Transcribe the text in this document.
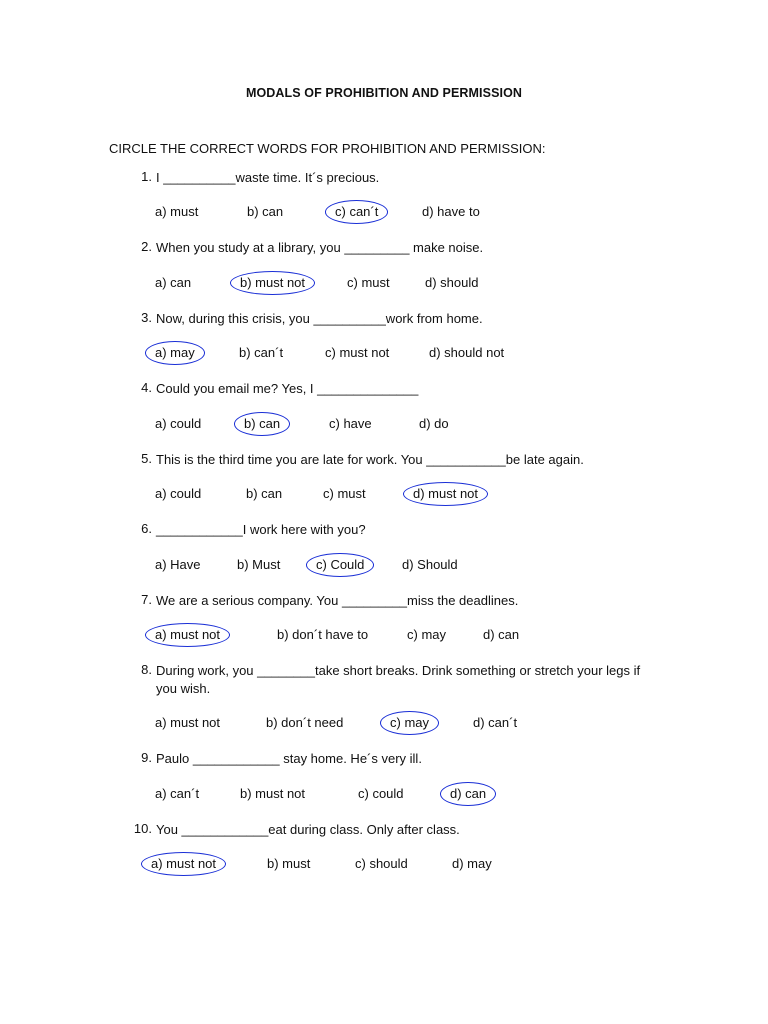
MODALS OF PROHIBITION AND PERMISSION
CIRCLE THE CORRECT WORDS FOR PROHIBITION AND PERMISSION:
1. I __________waste time. It´s precious.
a) must	b) can	c) can´t	d) have to
2. When you study at a library, you _________ make noise.
a) can	b) must not	c) must	d) should
3. Now, during this crisis, you __________work from home.
a) may	b) can´t	c) must not	d) should not
4. Could you email me? Yes, I ______________
a) could	b) can	c) have	d) do
5. This is the third time you are late for work. You ___________be late again.
a) could	b) can	c) must	d) must not
6. ____________I work here with you?
a) Have	b) Must	c) Could	d) Should
7. We are a serious company. You _________miss the deadlines.
a) must not	b) don´t have to	c) may	d) can
8. During work, you ________take short breaks. Drink something or stretch your legs if you wish.
a) must not	b) don´t need	c) may	d) can´t
9. Paulo ____________ stay home. He´s very ill.
a) can´t	b) must not	c) could	d) can
10. You ____________eat during class. Only after class.
a) must not	b) must	c) should	d) may
